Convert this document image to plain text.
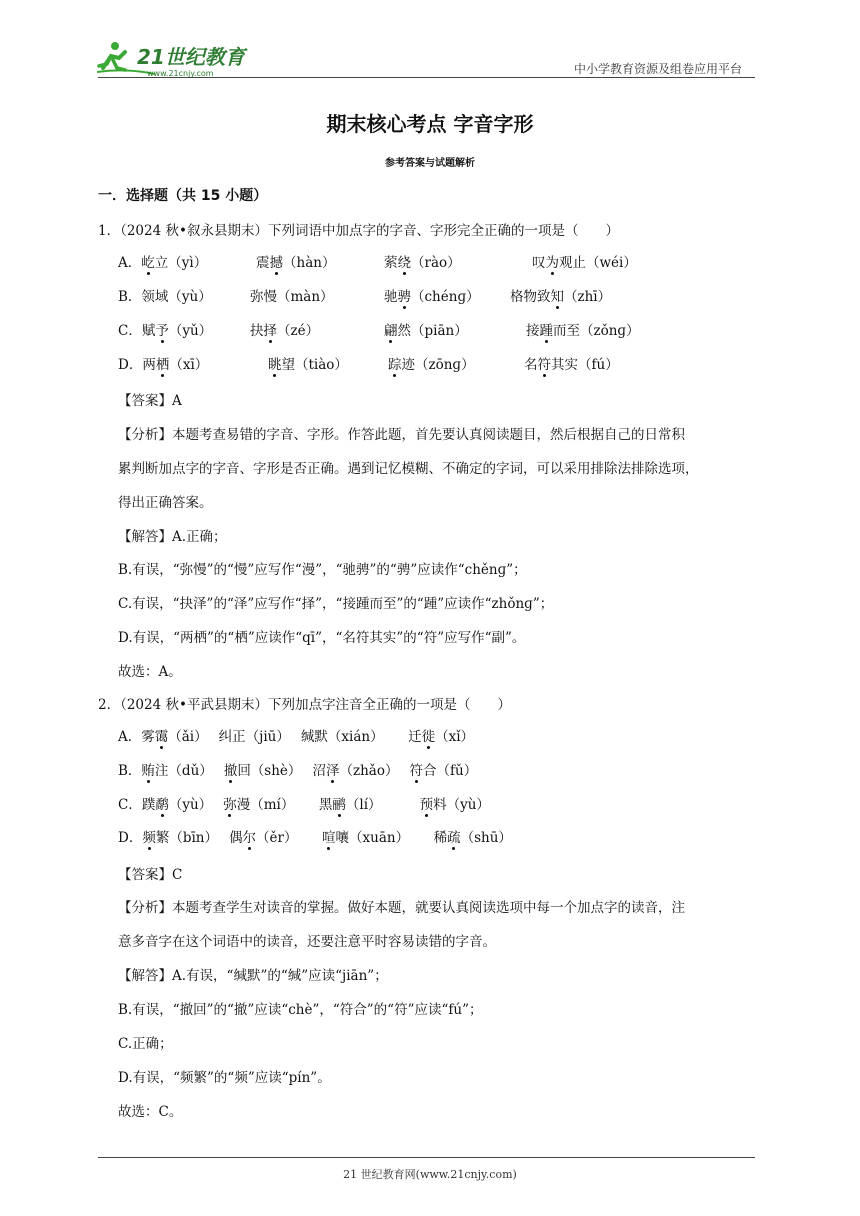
21世纪教育
www.21cnjy.com	中小学教育资源及组卷应用平台
期末核心考点 字音字形
参考答案与试题解析
一．选择题（共 15 小题）
1．（2024 秋•叙永县期末）下列词语中加点字的字音、字形完全正确的一项是（　　）
A．屹立（yì）	震撼（hàn）	萦绕（rào）	叹为观止（wéi）
B．领域（yù）	弥慢（màn）	驰骋（chénɡ） 格物致知（zhī）
C．赋予（yǔ）	抉择（zé）	翩然（piān）	接踵而至（zǒnɡ）
D．两栖（xī）	眺望（tiào）	踪迹（zōnɡ）	名符其实（fú）
【答案】A
【分析】本题考查易错的字音、字形。作答此题，首先要认真阅读题目，然后根据自己的日常积
累判断加点字的字音、字形是否正确。遇到记忆模糊、不确定的字词，可以采用排除法排除选项，
得出正确答案。
【解答】A.正确；
B.有误，“弥慢”的“慢”应写作“漫”，“驰骋”的“骋”应读作“chěnɡ”；
C.有误，“抉泽”的“泽”应写作“择”，“接踵而至”的“踵”应读作“zhǒnɡ”；
D.有误，“两栖”的“栖”应读作“qī”，“名符其实”的“符”应写作“副”。
故选：A。
2．（2024 秋•平武县期末）下列加点字注音全正确的一项是（　　）
A．雾霭（ǎi）　 纠正（jiū）　 缄默（xián）　　 迁徙（xǐ）
B．贿注（dǔ）　 撤回（shè）　 沼泽（zhǎo）　 符合（fǔ）
C．蹼鹬（yù）　 弥漫（mí）　　 黑鹂（lí）　　　 预料（yù）
D．频繁（bīn）　 偶尔（ěr）　　 喧嚷（xuān）　　 稀疏（shū）
【答案】C
【分析】本题考查学生对读音的掌握。做好本题，就要认真阅读选项中每一个加点字的读音，注
意多音字在这个词语中的读音，还要注意平时容易读错的字音。
【解答】A.有误，“缄默”的“缄”应读“jiān”；
B.有误，“撤回”的“撤”应读“chè”，“符合”的“符”应读“fú”；
C.正确；
D.有误，“频繁”的“频”应读“pín”。
故选：C。
21 世纪教育网(www.21cnjy.com)
